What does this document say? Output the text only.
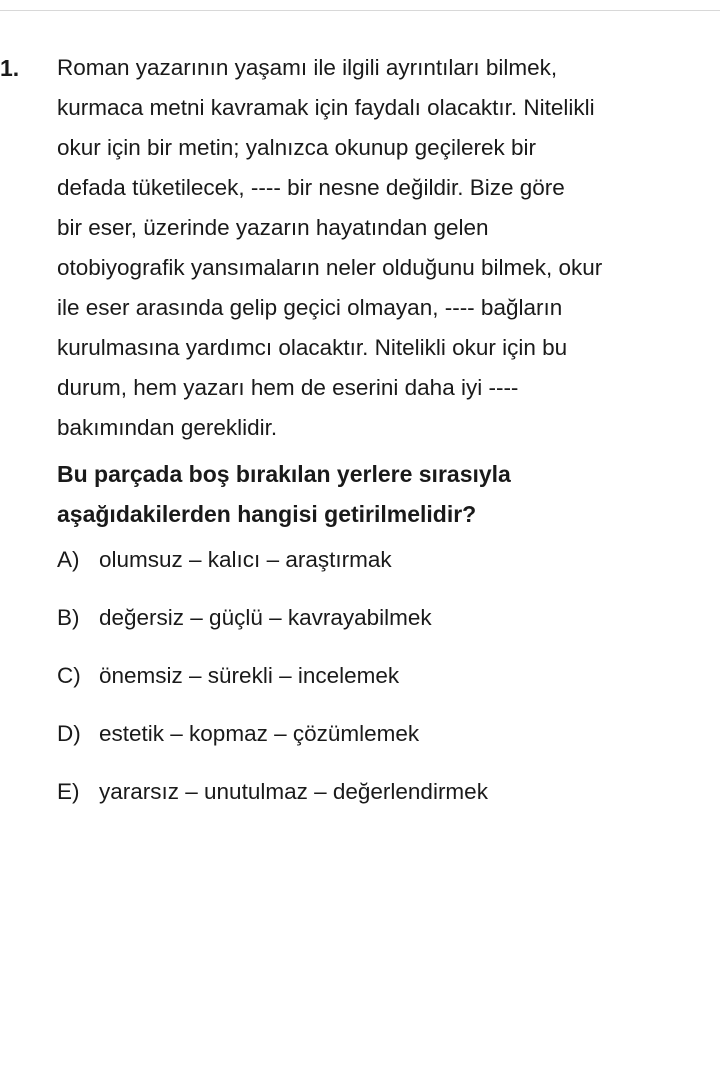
1. Roman yazarının yaşamı ile ilgili ayrıntıları bilmek,
kurmaca metni kavramak için faydalı olacaktır. Nitelikli
okur için bir metin; yalnızca okunup geçilerek bir
defada tüketilecek, ---- bir nesne değildir. Bize göre
bir eser, üzerinde yazarın hayatından gelen
otobiyografik yansımaların neler olduğunu bilmek, okur
ile eser arasında gelip geçici olmayan, ---- bağların
kurulmasına yardımcı olacaktır. Nitelikli okur için bu
durum, hem yazarı hem de eserini daha iyi ----
bakımından gereklidir.
Bu parçada boş bırakılan yerlere sırasıyla
aşağıdakilerden hangisi getirilmelidir?
A) olumsuz – kalıcı – araştırmak
B) değersiz – güçlü – kavrayabilmek
C) önemsiz – sürekli – incelemek
D) estetik – kopmaz – çözümlemek
E) yararsız – unutulmaz – değerlendirmek
